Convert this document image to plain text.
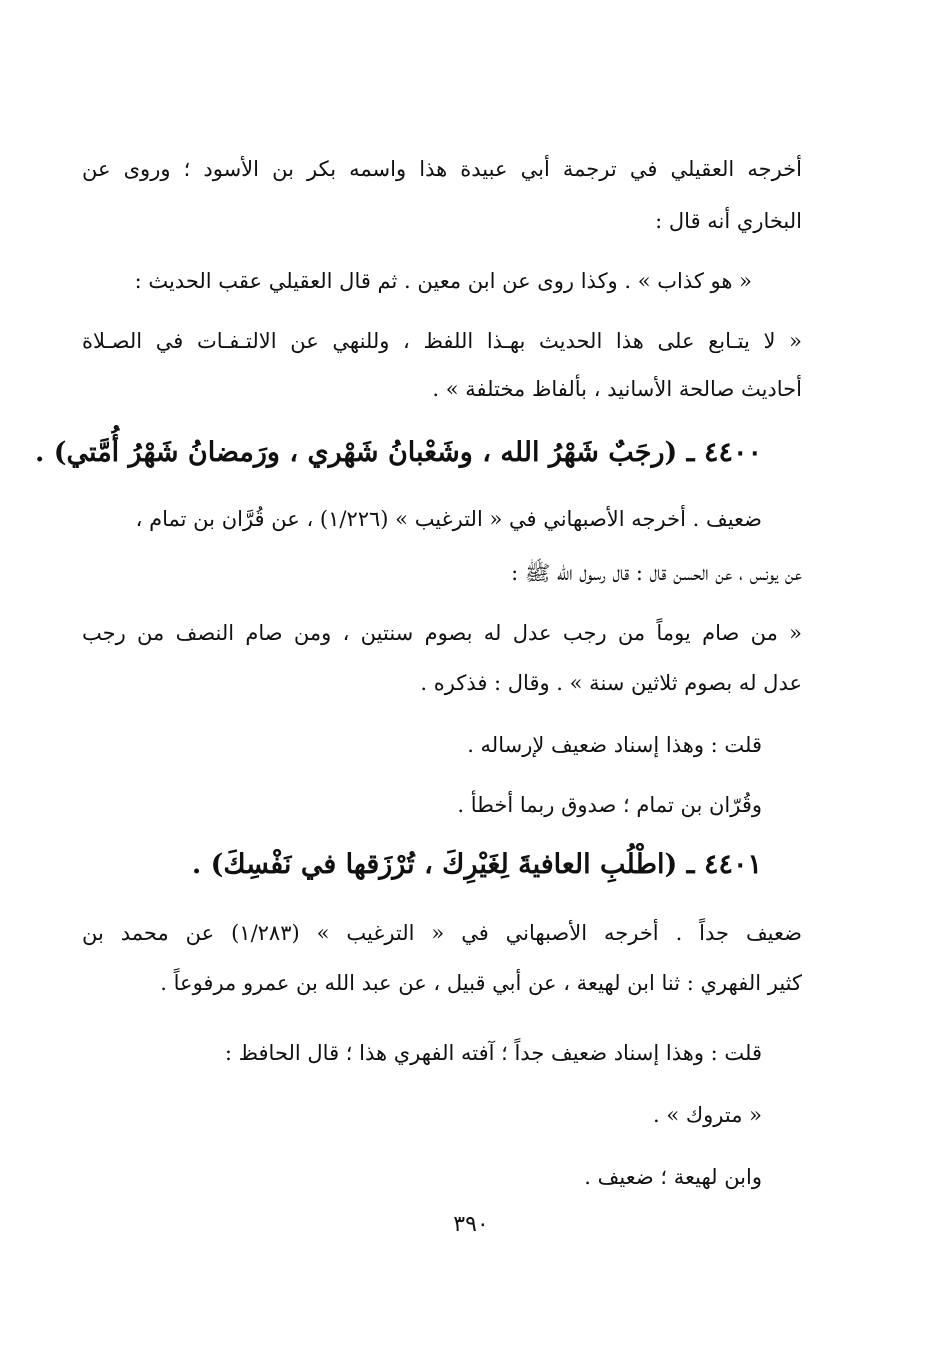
أخرجه العقيلي في ترجمة أبي عبيدة هذا واسمه بكر بن الأسود ؛ وروى عن
البخاري أنه قال :
« هو كذاب » . وكذا روى عن ابن معين . ثم قال العقيلي عقب الحديث :
« لا يتـابع على هذا الحديث بهـذا اللفظ ، وللنهي عن الالتـفـات في الصـلاة
أحاديث صالحة الأسانيد ، بألفاظ مختلفة » .
٤٤٠٠ ـ (رجَبٌ شَهْرُ الله ، وشَعْبانُ شَهْري ، ورَمضانُ شَهْرُ أُمَّتي) .
ضعيف . أخرجه الأصبهاني في « الترغيب » (١/٢٢٦) ، عن قُرَّان بن تمام ،
عن يونس ، عن الحسن قال : قال رسول الله ﷺ :
« من صام يوماً من رجب عدل له بصوم سنتين ، ومن صام النصف من رجب
عدل له بصوم ثلاثين سنة » . وقال : فذكره .
قلت : وهذا إسناد ضعيف لإرساله .
وقُرّان بن تمام ؛ صدوق ربما أخطأ .
٤٤٠١ ـ (اطْلُبِ العافيةَ لِغَيْرِكَ ، تُرْزَقها في نَفْسِكَ) .
ضعيف جداً . أخرجه الأصبهاني في « الترغيب » (١/٢٨٣) عن محمد بن
كثير الفهري : ثنا ابن لهيعة ، عن أبي قبيل ، عن عبد الله بن عمرو مرفوعاً .
قلت : وهذا إسناد ضعيف جداً ؛ آفته الفهري هذا ؛ قال الحافظ :
« متروك » .
وابن لهيعة ؛ ضعيف .
٣٩٠
